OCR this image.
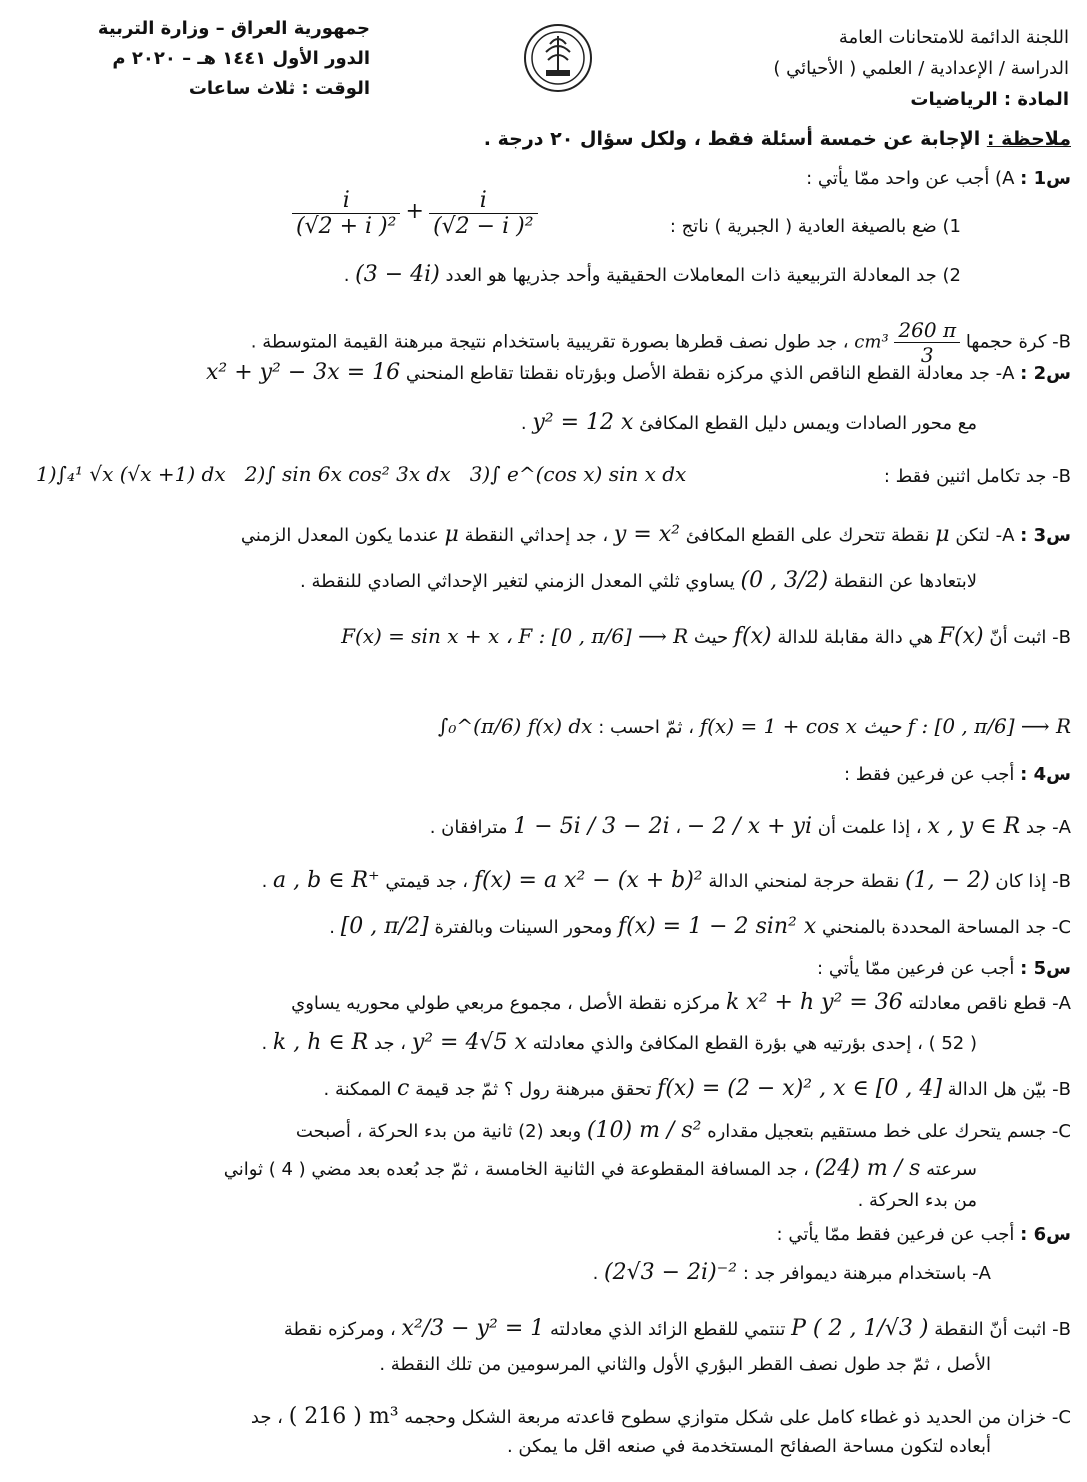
اللجنة الدائمة للامتحانات العامة
الدراسة / الإعدادية / العلمي ( الأحيائي )
المادة : الرياضيات
جمهورية العراق – وزارة التربية
الدور الأول ١٤٤١ هـ – ٢٠٢٠ م
الوقت : ثلاث ساعات
ملاحظة : الإجابة عن خمسة أسئلة فقط ، ولكل سؤال ٢٠ درجة .
س1 : A) أجب عن واحد ممّا يأتي :
1) ضع بالصيغة العادية ( الجبرية ) ناتج :
$\frac{i}{\text{(√2 + i )²}} + \frac{i}{\text{(√2 − i )²}}$
2) جد المعادلة التربيعية ذات المعاملات الحقيقية وأحد جذريها هو العدد (3 − 4i) .
B- كرة حجمها
$\frac{260 \pi}{3}$
cm³ ، جد طول نصف قطرها بصورة تقريبية باستخدام نتيجة مبرهنة القيمة المتوسطة .
س2 : A- جد معادلة القطع الناقص الذي مركزه نقطة الأصل وبؤرتاه نقطتا تقاطع المنحني x² + y² − 3x = 16
مع محور الصادات ويمس دليل القطع المكافئ y² = 12 x .
B- جد تكامل اثنين فقط :
1)∫₄¹ √x (√x +1) dx 2)∫ sin 6x cos² 3x dx 3)∫ e^(cos x) sin x dx
س3 : A- لتكن μ نقطة تتحرك على القطع المكافئ y = x² ، جد إحداثي النقطة μ عندما يكون المعدل الزمني
لابتعادها عن النقطة (0 , 3/2) يساوي ثلثي المعدل الزمني لتغير الإحداثي الصادي للنقطة .
B- اثبت أنّ F(x) هي دالة مقابلة للدالة f(x) حيث F(x) = sin x + x ، F : [0 , π/6] ⟶ R
f(x) = 1 + cos x حيث f : [0 , π/6] ⟶ R ، ثمّ احسب : ∫₀^(π/6) f(x) dx
س4 : أجب عن فرعين فقط :
A- جد x , y ∈ R ، إذا علمت أن 1 − 5i / 3 − 2i ، − 2 / x + yi مترافقان .
B- إذا كان (1, − 2) نقطة حرجة لمنحني الدالة f(x) = a x² − (x + b)² ، جد قيمتي a , b ∈ R⁺ .
C- جد المساحة المحددة بالمنحني f(x) = 1 − 2 sin² x ومحور السينات وبالفترة [0 , π/2] .
س5 : أجب عن فرعين ممّا يأتي :
A- قطع ناقص معادلته k x² + h y² = 36 مركزه نقطة الأصل ، مجموع مربعي طولي محوريه يساوي
( 52 ) ، إحدى بؤرتيه هي بؤرة القطع المكافئ والذي معادلته y² = 4√5 x ، جد k , h ∈ R .
B- بيّن هل الدالة f(x) = (2 − x)² , x ∈ [0 , 4] تحقق مبرهنة رول ؟ ثمّ جد قيمة c الممكنة .
C- جسم يتحرك على خط مستقيم بتعجيل مقداره (10) m / s² وبعد (2) ثانية من بدء الحركة ، أصبحت
سرعته (24) m / s ، جد المسافة المقطوعة في الثانية الخامسة ، ثمّ جد بُعده بعد مضي ( 4 ) ثواني
من بدء الحركة .
س6 : أجب عن فرعين فقط ممّا يأتي :
A- باستخدام مبرهنة ديموافر جد : (2√3 − 2i)⁻² .
B- اثبت أنّ النقطة P ( 2 , 1/√3 ) تنتمي للقطع الزائد الذي معادلته x²/3 − y² = 1 ، ومركزه نقطة
الأصل ، ثمّ جد طول نصف القطر البؤري الأول والثاني المرسومين من تلك النقطة .
C- خزان من الحديد ذو غطاء كامل على شكل متوازي سطوح قاعدته مربعة الشكل وحجمه ( 216 ) m³ ، جد
أبعاده لتكون مساحة الصفائح المستخدمة في صنعه اقل ما يمكن .
